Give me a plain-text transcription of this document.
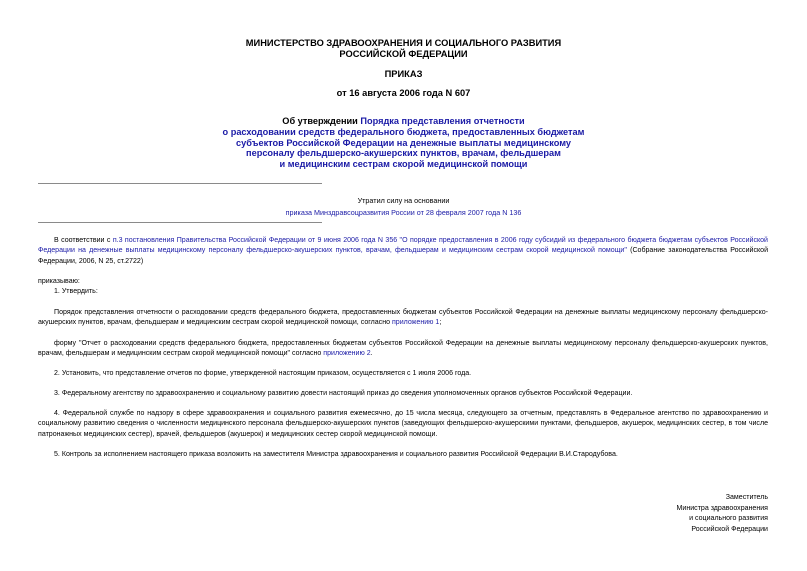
МИНИСТЕРСТВО ЗДРАВООХРАНЕНИЯ И СОЦИАЛЬНОГО РАЗВИТИЯ
РОССИЙСКОЙ ФЕДЕРАЦИИ
ПРИКАЗ
от 16 августа 2006 года N 607
Об утверждении Порядка представления отчетности
о расходовании средств федерального бюджета, предоставленных бюджетам
субъектов Российской Федерации на денежные выплаты медицинскому
персоналу фельдшерско-акушерских пунктов, врачам, фельдшерам
и медицинским сестрам скорой медицинской помощи
Утратил силу на основании
приказа Минздравсоцразвития России от 28 февраля 2007 года N 136
В соответствии с п.3 постановления Правительства Российской Федерации от 9 июня 2006 года N 356 "О порядке предоставления в 2006 году субсидий из федерального бюджета бюджетам субъектов Российской Федерации на денежные выплаты медицинскому персоналу фельдшерско-акушерских пунктов, врачам, фельдшерам и медицинским сестрам скорой медицинской помощи" (Собрание законодательства Российской Федерации, 2006, N 25, ст.2722)
приказываю:
1. Утвердить:
Порядок представления отчетности о расходовании средств федерального бюджета, предоставленных бюджетам субъектов Российской Федерации на денежные выплаты медицинскому персоналу фельдшерско-акушерских пунктов, врачам, фельдшерам и медицинским сестрам скорой медицинской помощи, согласно приложению 1;
форму "Отчет о расходовании средств федерального бюджета, предоставленных бюджетам субъектов Российской Федерации на денежные выплаты медицинскому персоналу фельдшерско-акушерских пунктов, врачам, фельдшерам и медицинским сестрам скорой медицинской помощи" согласно приложению 2.
2. Установить, что представление отчетов по форме, утвержденной настоящим приказом, осуществляется с 1 июля 2006 года.
3. Федеральному агентству по здравоохранению и социальному развитию довести настоящий приказ до сведения уполномоченных органов субъектов Российской Федерации.
4. Федеральной службе по надзору в сфере здравоохранения и социального развития ежемесячно, до 15 числа месяца, следующего за отчетным, представлять в Федеральное агентство по здравоохранению и социальному развитию сведения о численности медицинского персонала фельдшерско-акушерских пунктов (заведующих фельдшерско-акушерскими пунктами, фельдшеров, акушерок, медицинских сестер, в том числе патронажных медицинских сестер), врачей, фельдшеров (акушерок) и медицинских сестер скорой медицинской помощи.
5. Контроль за исполнением настоящего приказа возложить на заместителя Министра здравоохранения и социального развития Российской Федерации В.И.Стародубова.
Заместитель
Министра здравоохранения
и социального развития
Российской Федерации
